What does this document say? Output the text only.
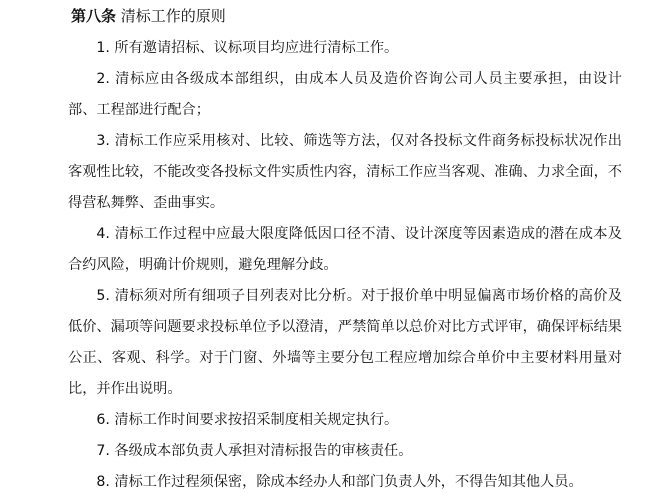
第八条 清标工作的原则

1. 所有邀请招标、议标项目均应进行清标工作。

2. 清标应由各级成本部组织，由成本人员及造价咨询公司人员主要承担，由设计部、工程部进行配合；

3. 清标工作应采用核对、比较、筛选等方法，仅对各投标文件商务标投标状况作出客观性比较，不能改变各投标文件实质性内容，清标工作应当客观、准确、力求全面，不得营私舞弊、歪曲事实。

4. 清标工作过程中应最大限度降低因口径不清、设计深度等因素造成的潜在成本及合约风险，明确计价规则，避免理解分歧。

5. 清标须对所有细项子目列表对比分析。对于报价单中明显偏离市场价格的高价及低价、漏项等问题要求投标单位予以澄清，严禁简单以总价对比方式评审，确保评标结果公正、客观、科学。对于门窗、外墙等主要分包工程应增加综合单价中主要材料用量对比，并作出说明。

6. 清标工作时间要求按招采制度相关规定执行。

7. 各级成本部负责人承担对清标报告的审核责任。

8. 清标工作过程须保密，除成本经办人和部门负责人外，不得告知其他人员。
